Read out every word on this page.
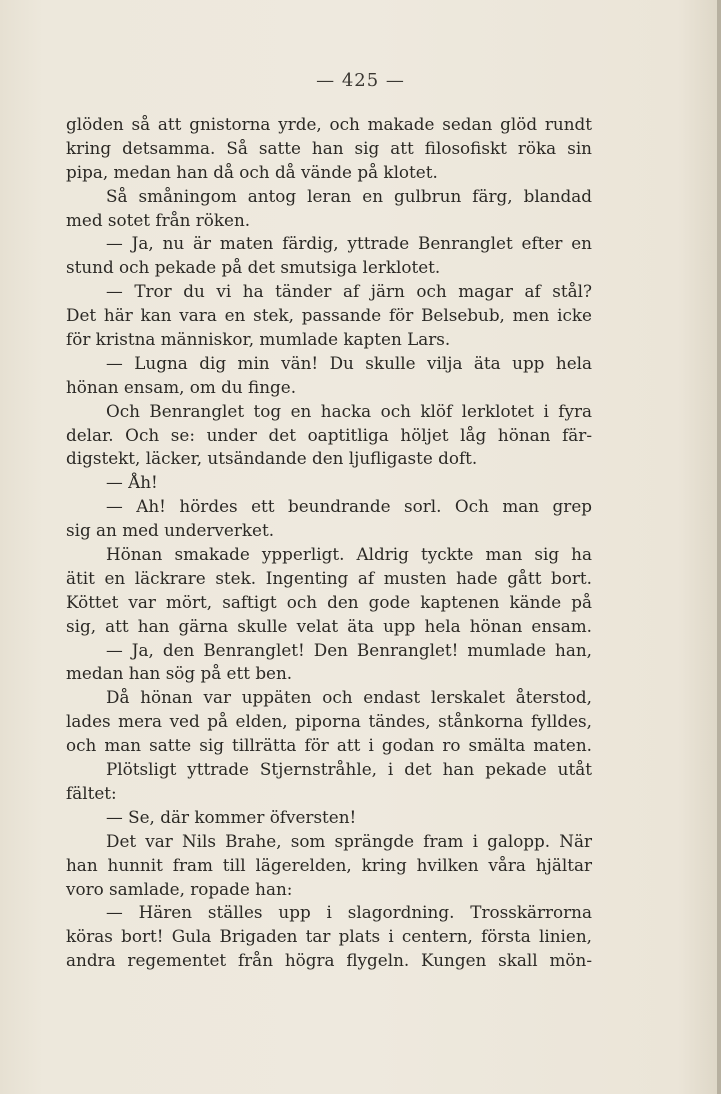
— 425 —
glöden så att gnistorna yrde, och makade sedan glöd rundt
kring detsamma. Så satte han sig att filosofiskt röka sin
pipa, medan han då och då vände på klotet.
Så småningom antog leran en gulbrun färg, blandad
med sotet från röken.
— Ja, nu är maten färdig, yttrade Benranglet efter en
stund och pekade på det smutsiga lerklotet.
— Tror du vi ha tänder af järn och magar af stål?
Det här kan vara en stek, passande för Belsebub, men icke
för kristna människor, mumlade kapten Lars.
— Lugna dig min vän! Du skulle vilja äta upp hela
hönan ensam, om du finge.
Och Benranglet tog en hacka och klöf lerklotet i fyra
delar. Och se: under det oaptitliga höljet låg hönan fär-
digstekt, läcker, utsändande den ljufligaste doft.
— Åh!
— Ah! hördes ett beundrande sorl. Och man grep
sig an med underverket.
Hönan smakade ypperligt. Aldrig tyckte man sig ha
ätit en läckrare stek. Ingenting af musten hade gått bort.
Köttet var mört, saftigt och den gode kaptenen kände på
sig, att han gärna skulle velat äta upp hela hönan ensam.
— Ja, den Benranglet! Den Benranglet! mumlade han,
medan han sög på ett ben.
Då hönan var uppäten och endast lerskalet återstod,
lades mera ved på elden, piporna tändes, stånkorna fylldes,
och man satte sig tillrätta för att i godan ro smälta maten.
Plötsligt yttrade Stjernstråhle, i det han pekade utåt
fältet:
— Se, där kommer öfversten!
Det var Nils Brahe, som sprängde fram i galopp. När
han hunnit fram till lägerelden, kring hvilken våra hjältar
voro samlade, ropade han:
— Hären ställes upp i slagordning. Trosskärrorna
köras bort! Gula Brigaden tar plats i centern, första linien,
andra regementet från högra flygeln. Kungen skall mön-
